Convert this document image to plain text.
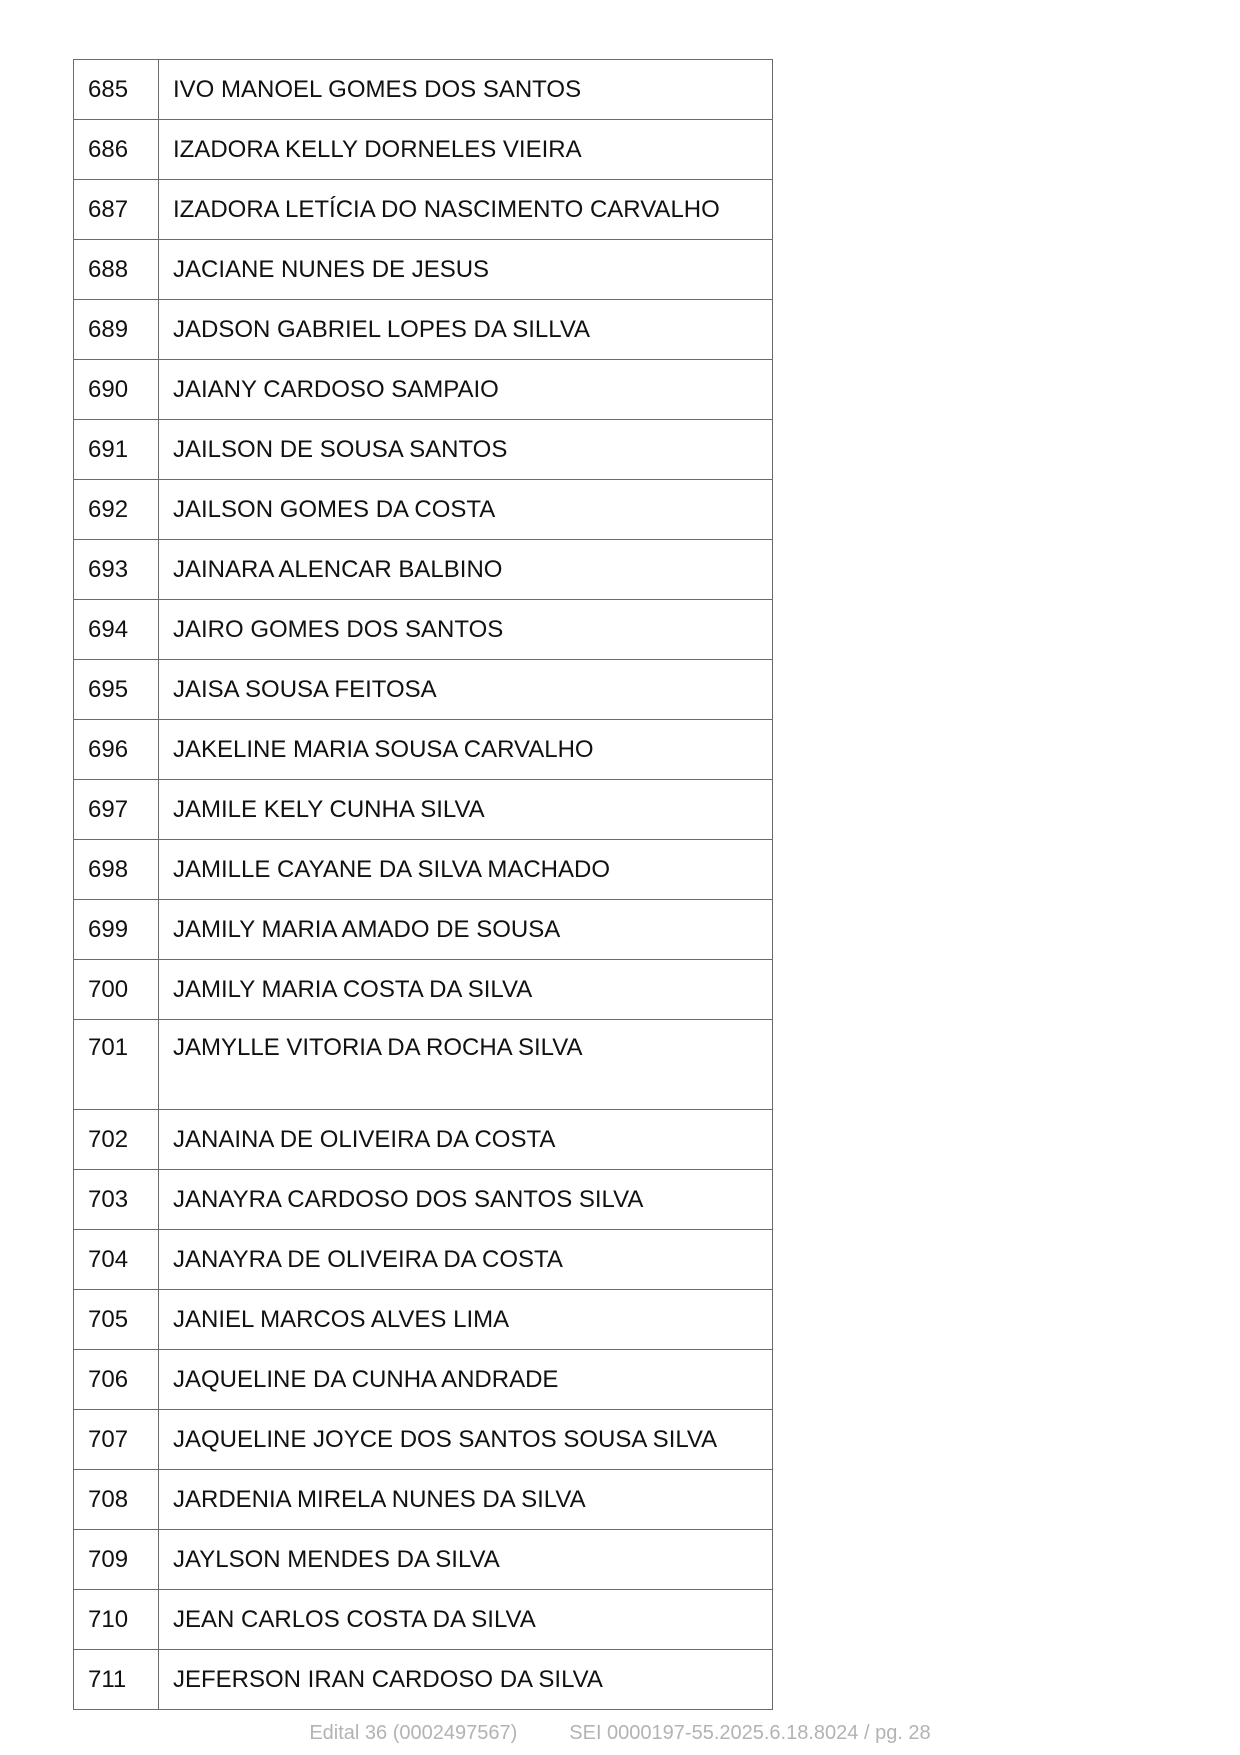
685	IVO MANOEL GOMES DOS SANTOS
686	IZADORA KELLY DORNELES VIEIRA
687	IZADORA LETÍCIA DO NASCIMENTO CARVALHO
688	JACIANE NUNES DE JESUS
689	JADSON GABRIEL LOPES DA SILLVA
690	JAIANY CARDOSO SAMPAIO
691	JAILSON DE SOUSA SANTOS
692	JAILSON GOMES DA COSTA
693	JAINARA ALENCAR BALBINO
694	JAIRO GOMES DOS SANTOS
695	JAISA SOUSA FEITOSA
696	JAKELINE MARIA SOUSA CARVALHO
697	JAMILE KELY CUNHA SILVA
698	JAMILLE CAYANE DA SILVA MACHADO
699	JAMILY MARIA AMADO DE SOUSA
700	JAMILY MARIA COSTA DA SILVA
701	JAMYLLE VITORIA DA ROCHA SILVA
702	JANAINA DE OLIVEIRA DA COSTA
703	JANAYRA CARDOSO DOS SANTOS SILVA
704	JANAYRA DE OLIVEIRA DA COSTA
705	JANIEL MARCOS ALVES LIMA
706	JAQUELINE DA CUNHA ANDRADE
707	JAQUELINE JOYCE DOS SANTOS SOUSA SILVA
708	JARDENIA MIRELA NUNES DA SILVA
709	JAYLSON MENDES DA SILVA
710	JEAN CARLOS COSTA DA SILVA
711	JEFERSON IRAN CARDOSO DA SILVA
Edital 36 (0002497567)	SEI 0000197-55.2025.6.18.8024 / pg. 28
